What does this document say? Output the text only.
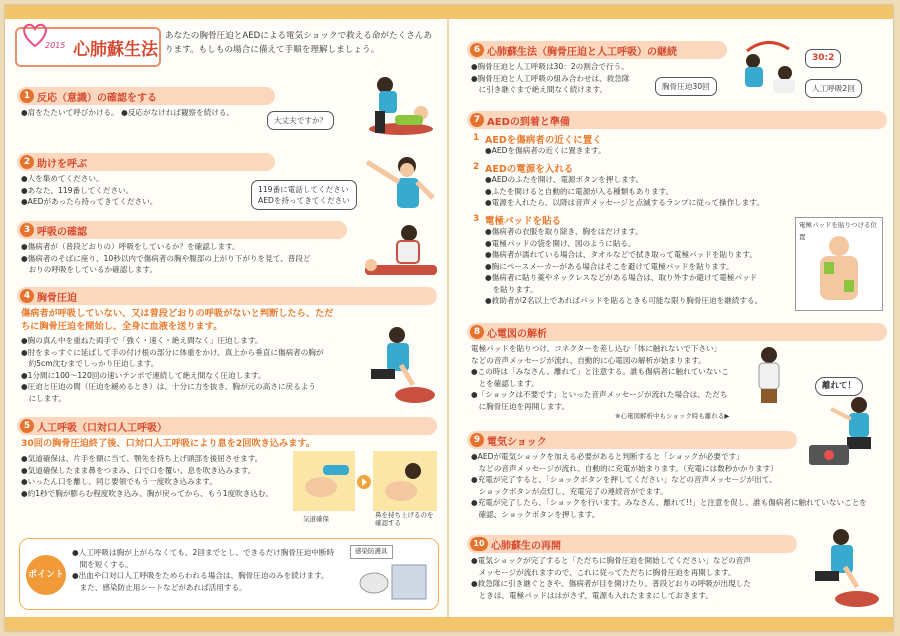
2015 心肺蘇生法
あなたの胸骨圧迫とAEDによる電気ショックで救える命がたくさんあ
ります。もしもの場合に備えて手順を理解しましょう。
1 反応（意識）の確認をする
●肩をたたいて呼びかける。 ●反応がなければ観察を続ける。
大丈夫ですか？
2 助けを呼ぶ
●人を集めてください。
●あなた、119番してください。
●AEDがあったら持ってきてください。
119番に電話してください
AEDを持ってきてください
3 呼吸の確認
●傷病者が（普段どおりの）呼吸をしているか？を確認します。
●傷病者のそばに座り、10秒以内で傷病者の胸や腹部の上がり下がりを見て、普段ど
　おりの呼吸をしているか確認します。
4 胸骨圧迫
傷病者が呼吸していない、又は普段どおりの呼吸がないと判断したら、ただ
ちに胸骨圧迫を開始し、全身に血液を送ります。
●胸の真ん中を重ねた両手で「強く・速く・絶え間なく」圧迫します。
●肘をまっすぐに延ばして手の付け根の部分に体重をかけ、真上から垂直に傷病者の胸が
　約5cm沈むまでしっかり圧迫します。
●1分間に100〜120回の速いテンポで連続して絶え間なく圧迫します。
●圧迫と圧迫の間（圧迫を緩めるとき）は、十分に力を抜き、胸が元の高さに戻るよう
　にします。
5 人工呼吸（口対口人工呼吸）
30回の胸骨圧迫終了後、口対口人工呼吸により息を2回吹き込みます。
●気道確保は、片手を額に当て、顎先を持ち上げ頭部を後屈させます。
●気道確保したまま鼻をつまみ、口で口を覆い、息を吹き込みます。
●いったん口を離し、同じ要領でもう一度吹き込みます。
●約1秒で胸が膨らむ程度吹き込み、胸が戻ってから、もう1度吹き込む。
気道確保	鼻を持ち上げるのを
確認する
ポイント
●人工呼吸は胸が上がらなくても、2回までとし、できるだけ胸骨圧迫中断時
　間を短くする。
●出血や口対口人工呼吸をためらわれる場合は、胸骨圧迫のみを続けます。
　また、感染防止用シートなどがあれば活用する。
感染防護具
6 心肺蘇生法（胸骨圧迫と人工呼吸）の継続
●胸骨圧迫と人工呼吸は30：2の割合で行う。
●胸骨圧迫と人工呼吸の組み合わせは、救急隊
　に引き継ぐまで絶え間なく続けます。	胸骨圧迫30回	人工呼吸2回
30:2
7 AEDの到着と準備
1 AEDを傷病者の近くに置く
●AEDを傷病者の近くに置きます。
2 AEDの電源を入れる
●AEDのふたを開け、電源ボタンを押します。
●ふたを開けると自動的に電源が入る種類もあります。
●電源を入れたら、以降は音声メッセージと点滅するランプに従って操作します。
3 電極パッドを貼る
●傷病者の衣服を取り除き、胸をはだけます。
●電極パッドの袋を開け、図のように貼る。
●傷病者が濡れている場合は、タオルなどで拭き取って電極パッドを貼ります。
●胸にペースメーカーがある場合はそこを避けて電極パッドを貼ります。
●傷病者に貼り薬やネックレスなどがある場合は、取り外すか避けて電極パッド
　を貼ります。
●救助者が2名以上であればパッドを貼るときも可能な限り胸骨圧迫を継続する。
電極パッドを貼りつける位置
8 心電図の解析
電極パッドを貼りつけ、コネクターを差し込む「体に触れないで下さい」
などの音声メッセージが流れ、自動的に心電図の解析が始まります。
●この時は「みなさん、離れて」と注意する。誰も傷病者に触れていないこ
　とを確認します。
●「ショックは不要です」といった音声メッセージが流れた場合は、ただち
　に胸骨圧迫を再開します。
※心電図解析中もショック時も離れる▶
離れて！
9 電気ショック
●AEDが電気ショックを加える必要があると判断すると「ショックが必要です」
　などの音声メッセージが流れ、自動的に充電が始まります。（充電には数秒かかります）
●充電が完了すると、「ショックボタンを押してください」などの音声メッセージが出て、
　ショックボタンが点灯し、充電完了の連続音がでます。
●充電が完了したら、「ショックを行います。みなさん、離れて!!」と注意を促し、誰も傷病者に触れていないことを
　確認、ショックボタンを押します。
10 心肺蘇生の再開
●電気ショックが完了すると「ただちに胸骨圧迫を開始してください」などの音声
　メッセージが流れますので、これに従ってただちに胸骨圧迫を再開します。
●救急隊に引き継ぐときや、傷病者が目を開けたり、普段どおりの呼吸が出現した
　ときは、電極パッドははがさず、電源も入れたままにしておきます。
